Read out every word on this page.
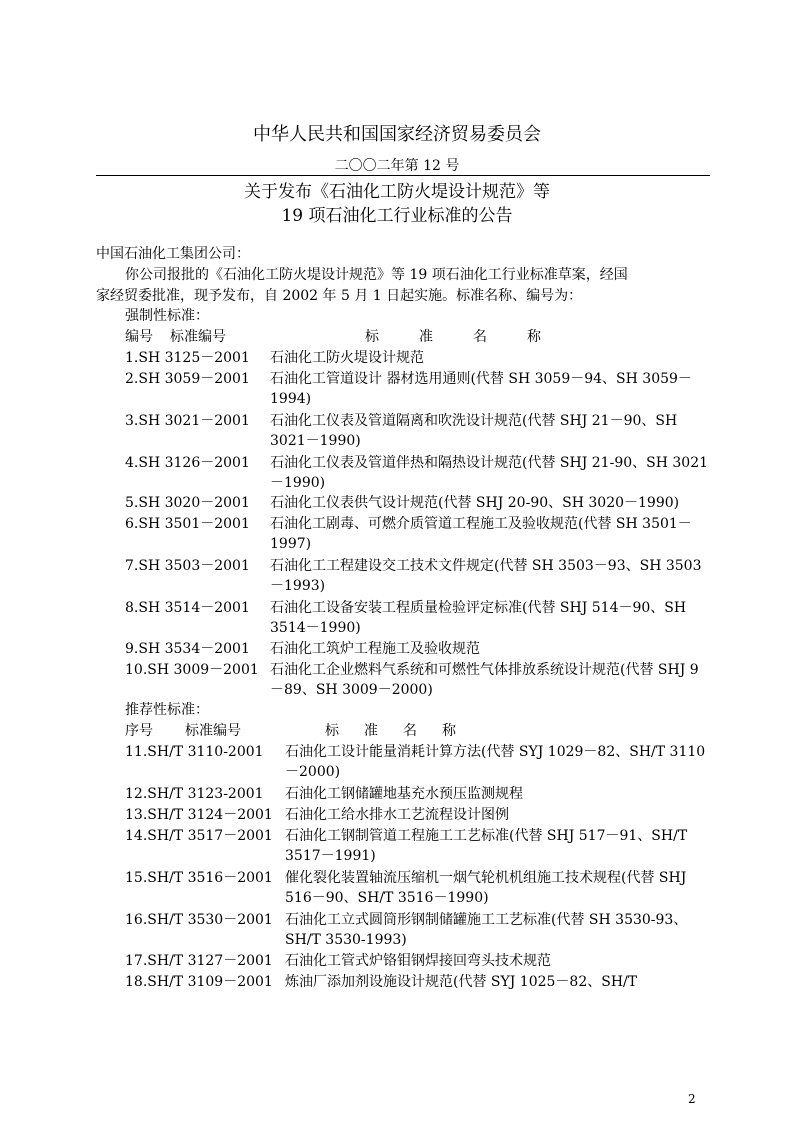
中华人民共和国国家经济贸易委员会
二〇〇二年第 12 号
关于发布《石油化工防火堤设计规范》等
19 项石油化工行业标准的公告
中国石油化工集团公司：
你公司报批的《石油化工防火堤设计规范》等 19 项石油化工行业标准草案，经国
家经贸委批准，现予发布，自 2002 年 5 月 1 日起实施。标准名称、编号为：
强制性标准：
编号 标准编号	标准名称
1.SH 3125－2001 石油化工防火堤设计规范
2.SH 3059－2001 石油化工管道设计 器材选用通则(代替 SH 3059－94、SH 3059－1994)
3.SH 3021－2001 石油化工仪表及管道隔离和吹洗设计规范(代替 SHJ 21－90、SH 3021－1990)
4.SH 3126－2001 石油化工仪表及管道伴热和隔热设计规范(代替 SHJ 21-90、SH 3021－1990)
5.SH 3020－2001 石油化工仪表供气设计规范(代替 SHJ 20-90、SH 3020－1990)
6.SH 3501－2001 石油化工剧毒、可燃介质管道工程施工及验收规范(代替 SH 3501－1997)
7.SH 3503－2001 石油化工工程建设交工技术文件规定(代替 SH 3503－93、SH 3503－1993)
8.SH 3514－2001 石油化工设备安装工程质量检验评定标准(代替 SHJ 514－90、SH 3514－1990)
9.SH 3534－2001 石油化工筑炉工程施工及验收规范
10.SH 3009－2001 石油化工企业燃料气系统和可燃性气体排放系统设计规范(代替 SHJ 9－89、SH 3009－2000)
推荐性标准：
序号 标准编号	标准名称
11.SH/T 3110-2001 石油化工设计能量消耗计算方法(代替 SYJ 1029－82、SH/T 3110－2000)
12.SH/T 3123-2001 石油化工钢储罐地基充水预压监测规程
13.SH/T 3124－2001 石油化工给水排水工艺流程设计图例
14.SH/T 3517－2001 石油化工钢制管道工程施工工艺标准(代替 SHJ 517－91、SH/T 3517－1991)
15.SH/T 3516－2001 催化裂化装置轴流压缩机一烟气轮机机组施工技术规程(代替 SHJ 516－90、SH/T 3516－1990)
16.SH/T 3530－2001 石油化工立式圆筒形钢制储罐施工工艺标准(代替 SH 3530-93、SH/T 3530-1993)
17.SH/T 3127－2001 石油化工管式炉铬钼钢焊接回弯头技术规范
18.SH/T 3109－2001 炼油厂添加剂设施设计规范(代替 SYJ 1025－82、SH/T
2
